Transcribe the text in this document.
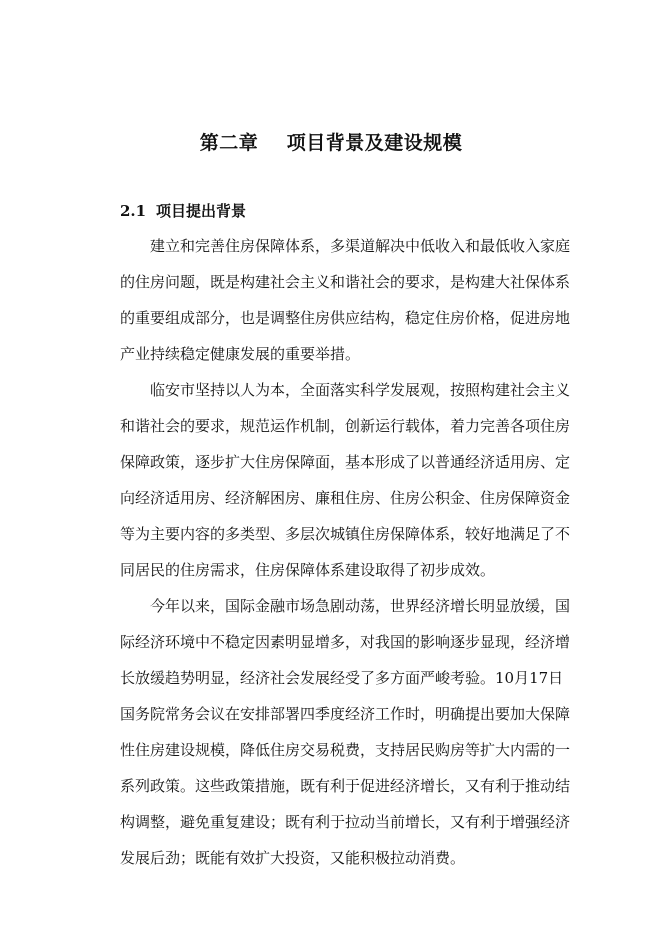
第二章    项目背景及建设规模
2.1 项目提出背景
建立和完善住房保障体系，多渠道解决中低收入和最低收入家庭
的住房问题，既是构建社会主义和谐社会的要求，是构建大社保体系
的重要组成部分，也是调整住房供应结构，稳定住房价格，促进房地
产业持续稳定健康发展的重要举措。
临安市坚持以人为本，全面落实科学发展观，按照构建社会主义
和谐社会的要求，规范运作机制，创新运行载体，着力完善各项住房
保障政策，逐步扩大住房保障面，基本形成了以普通经济适用房、定
向经济适用房、经济解困房、廉租住房、住房公积金、住房保障资金
等为主要内容的多类型、多层次城镇住房保障体系，较好地满足了不
同居民的住房需求，住房保障体系建设取得了初步成效。
今年以来，国际金融市场急剧动荡，世界经济增长明显放缓，国
际经济环境中不稳定因素明显增多，对我国的影响逐步显现，经济增
长放缓趋势明显，经济社会发展经受了多方面严峻考验。10月17日
国务院常务会议在安排部署四季度经济工作时，明确提出要加大保障
性住房建设规模，降低住房交易税费，支持居民购房等扩大内需的一
系列政策。这些政策措施，既有利于促进经济增长，又有利于推动结
构调整，避免重复建设；既有利于拉动当前增长，又有利于增强经济
发展后劲；既能有效扩大投资，又能积极拉动消费。
